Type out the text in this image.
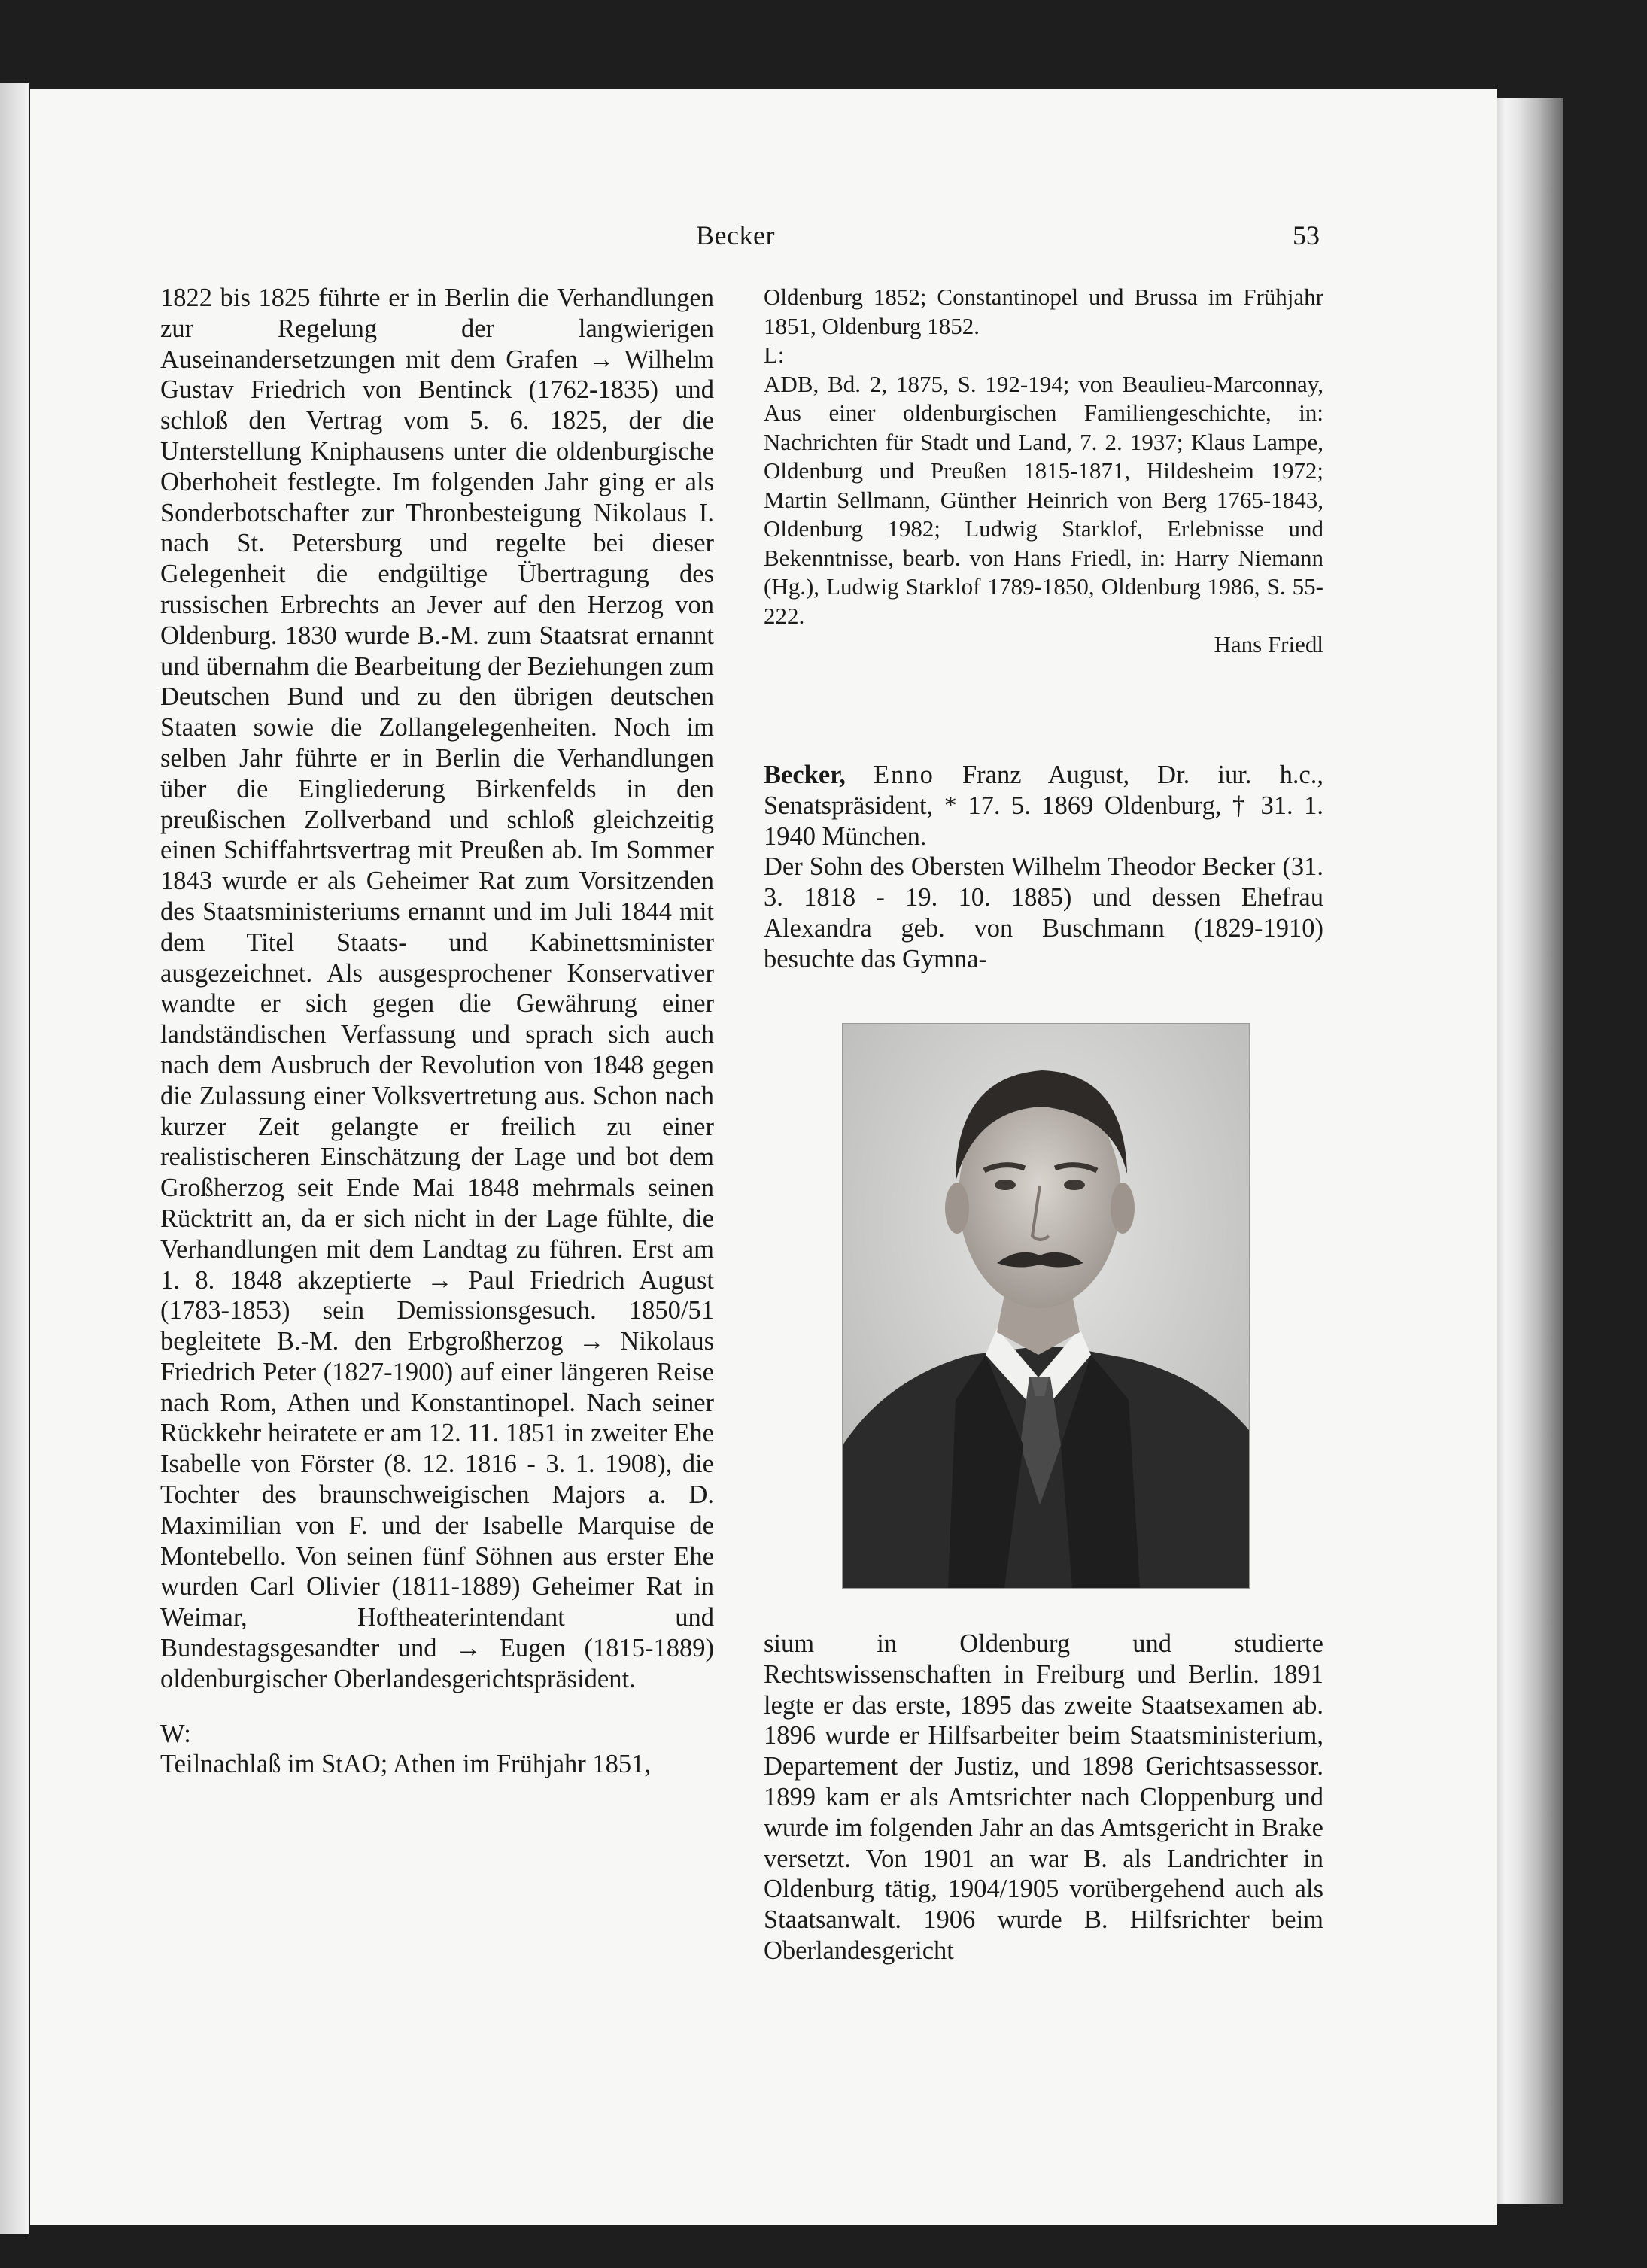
Becker	53

1822 bis 1825 führte er in Berlin die Verhandlungen zur Regelung der langwierigen Auseinandersetzungen mit dem Grafen → Wilhelm Gustav Friedrich von Bentinck (1762-1835) und schloß den Vertrag vom 5. 6. 1825, der die Unterstellung Kniphausens unter die oldenburgische Oberhoheit festlegte. Im folgenden Jahr ging er als Sonderbotschafter zur Thronbesteigung Nikolaus I. nach St. Petersburg und regelte bei dieser Gelegenheit die endgültige Übertragung des russischen Erbrechts an Jever auf den Herzog von Oldenburg. 1830 wurde B.-M. zum Staatsrat ernannt und übernahm die Bearbeitung der Beziehungen zum Deutschen Bund und zu den übrigen deutschen Staaten sowie die Zollangelegenheiten. Noch im selben Jahr führte er in Berlin die Verhandlungen über die Eingliederung Birkenfelds in den preußischen Zollverband und schloß gleichzeitig einen Schiffahrtsvertrag mit Preußen ab. Im Sommer 1843 wurde er als Geheimer Rat zum Vorsitzenden des Staatsministeriums ernannt und im Juli 1844 mit dem Titel Staats- und Kabinettsminister ausgezeichnet. Als ausgesprochener Konservativer wandte er sich gegen die Gewährung einer landständischen Verfassung und sprach sich auch nach dem Ausbruch der Revolution von 1848 gegen die Zulassung einer Volksvertretung aus. Schon nach kurzer Zeit gelangte er freilich zu einer realistischeren Einschätzung der Lage und bot dem Großherzog seit Ende Mai 1848 mehrmals seinen Rücktritt an, da er sich nicht in der Lage fühlte, die Verhandlungen mit dem Landtag zu führen. Erst am 1. 8. 1848 akzeptierte → Paul Friedrich August (1783-1853) sein Demissionsgesuch. 1850/51 begleitete B.-M. den Erbgroßherzog → Nikolaus Friedrich Peter (1827-1900) auf einer längeren Reise nach Rom, Athen und Konstantinopel. Nach seiner Rückkehr heiratete er am 12. 11. 1851 in zweiter Ehe Isabelle von Förster (8. 12. 1816 - 3. 1. 1908), die Tochter des braunschweigischen Majors a. D. Maximilian von F. und der Isabelle Marquise de Montebello. Von seinen fünf Söhnen aus erster Ehe wurden Carl Olivier (1811-1889) Geheimer Rat in Weimar, Hoftheaterintendant und Bundestagsgesandter und → Eugen (1815-1889) oldenburgischer Oberlandesgerichtspräsident.

W:

Teilnachlaß im StAO; Athen im Frühjahr 1851,

Oldenburg 1852; Constantinopel und Brussa im Frühjahr 1851, Oldenburg 1852.

L:

ADB, Bd. 2, 1875, S. 192-194; von Beaulieu-Marconnay, Aus einer oldenburgischen Familiengeschichte, in: Nachrichten für Stadt und Land, 7. 2. 1937; Klaus Lampe, Oldenburg und Preußen 1815-1871, Hildesheim 1972; Martin Sellmann, Günther Heinrich von Berg 1765-1843, Oldenburg 1982; Ludwig Starklof, Erlebnisse und Bekenntnisse, bearb. von Hans Friedl, in: Harry Niemann (Hg.), Ludwig Starklof 1789-1850, Oldenburg 1986, S. 55-222.

Hans Friedl

Becker, Enno Franz August, Dr. iur. h.c., Senatspräsident, * 17. 5. 1869 Oldenburg, † 31. 1. 1940 München.

Der Sohn des Obersten Wilhelm Theodor Becker (31. 3. 1818 - 19. 10. 1885) und dessen Ehefrau Alexandra geb. von Buschmann (1829-1910) besuchte das Gymna-

sium in Oldenburg und studierte Rechtswissenschaften in Freiburg und Berlin. 1891 legte er das erste, 1895 das zweite Staatsexamen ab. 1896 wurde er Hilfsarbeiter beim Staatsministerium, Departement der Justiz, und 1898 Gerichtsassessor. 1899 kam er als Amtsrichter nach Cloppenburg und wurde im folgenden Jahr an das Amtsgericht in Brake versetzt. Von 1901 an war B. als Landrichter in Oldenburg tätig, 1904/1905 vorübergehend auch als Staatsanwalt. 1906 wurde B. Hilfsrichter beim Oberlandesgericht
